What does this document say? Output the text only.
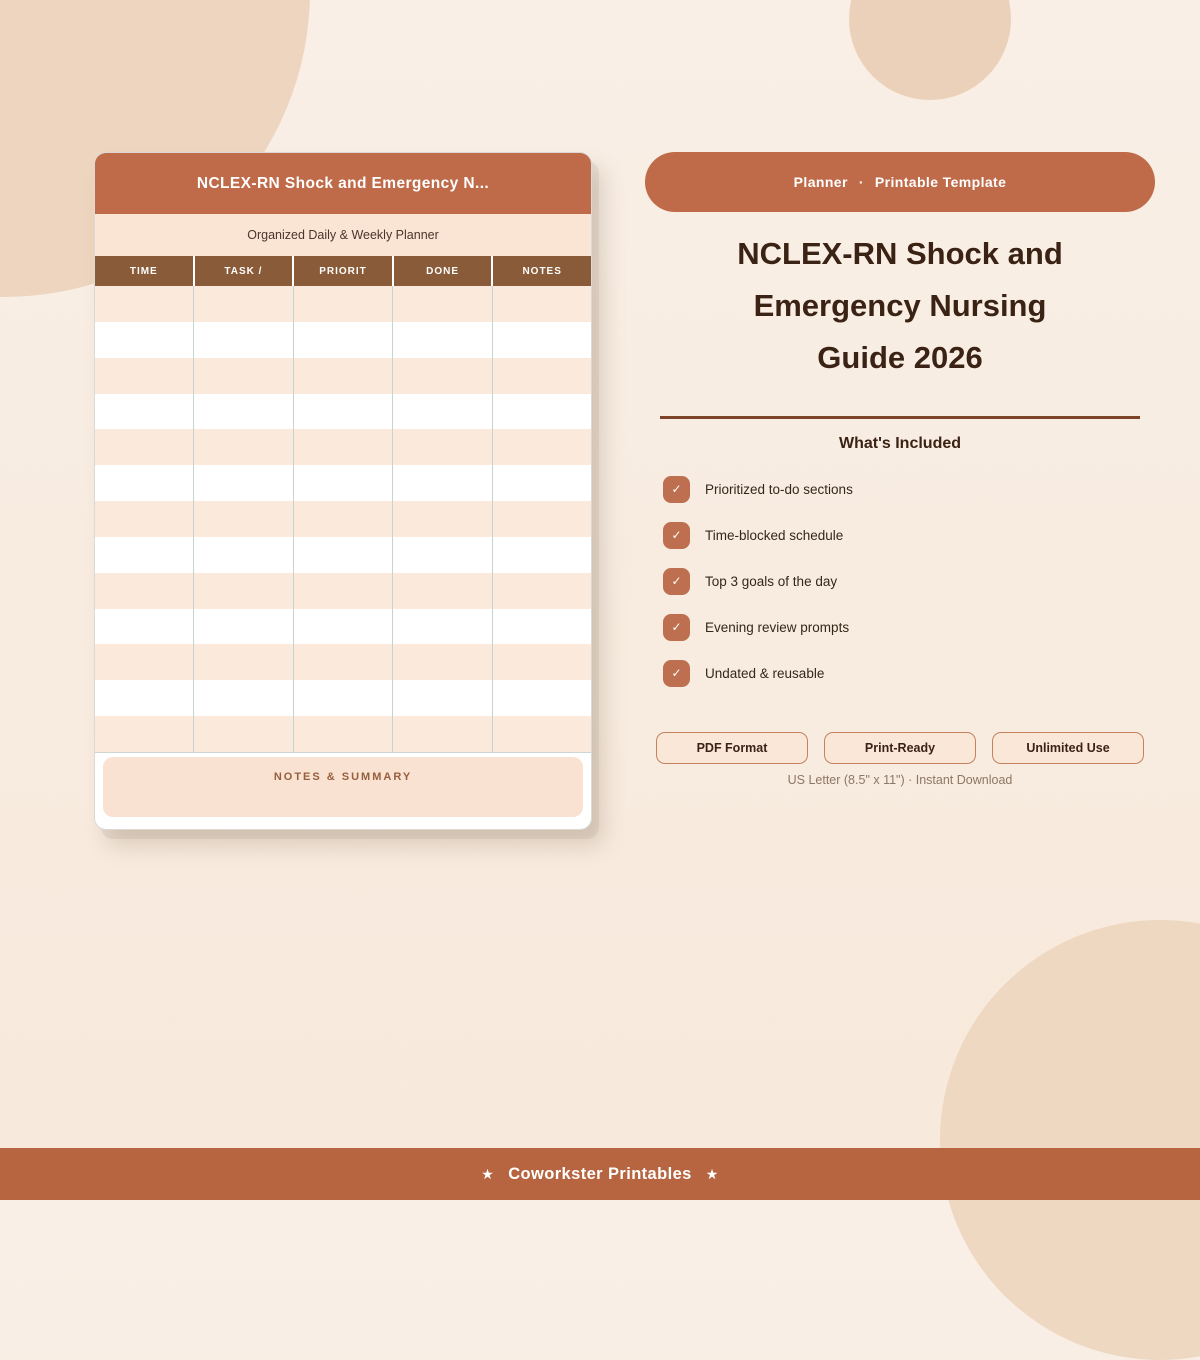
NCLEX-RN Shock and Emergency N...
Organized Daily & Weekly Planner
TIME	TASK /	PRIORIT	DONE	NOTES
NOTES & SUMMARY
Planner · Printable Template
NCLEX-RN Shock and
Emergency Nursing
Guide 2026
What's Included
✓	Prioritized to-do sections
✓	Time-blocked schedule
✓	Top 3 goals of the day
✓	Evening review prompts
✓	Undated & reusable
PDF Format	Print-Ready	Unlimited Use
US Letter (8.5" x 11") · Instant Download
★ Coworkster Printables ★
